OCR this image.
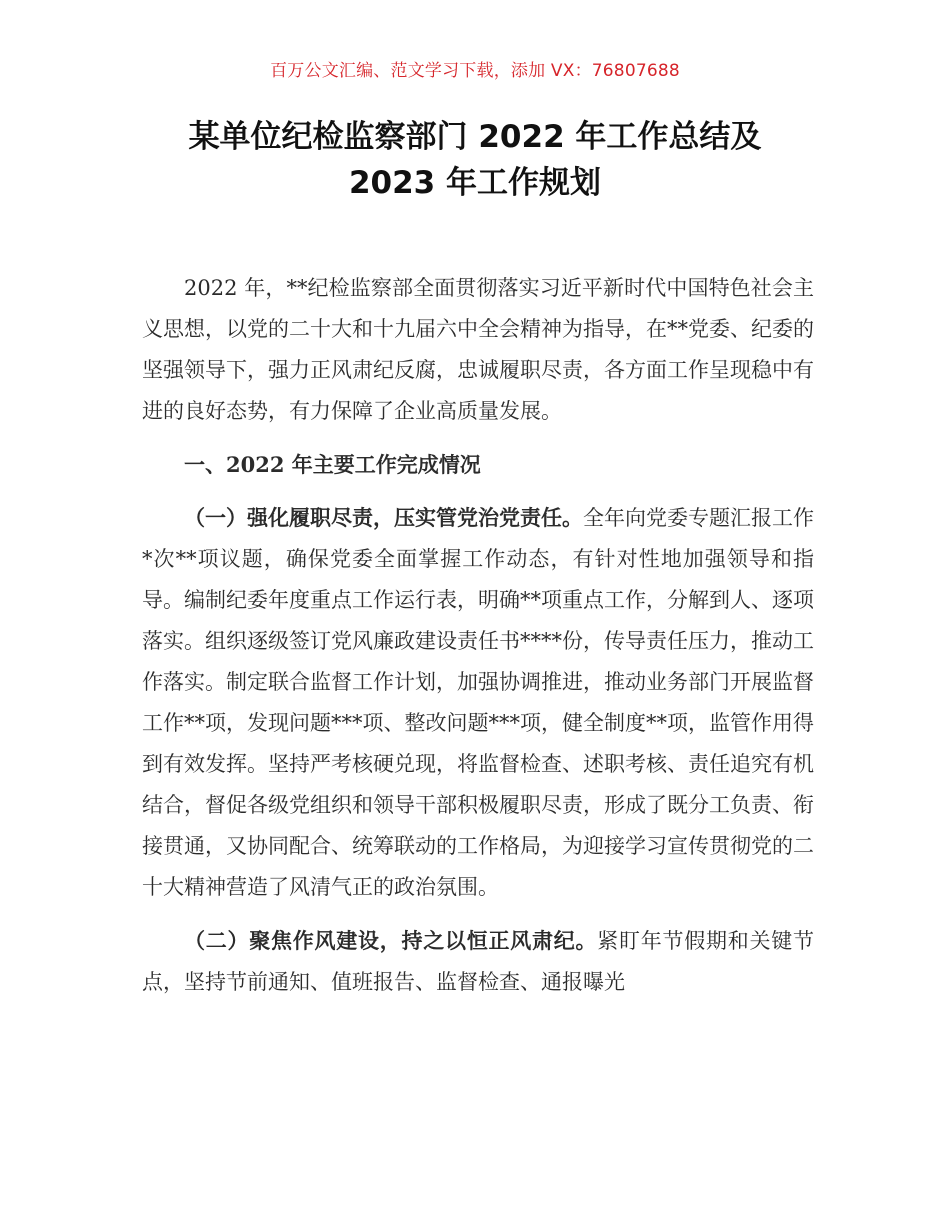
百万公文汇编、范文学习下载，添加 VX：76807688
某单位纪检监察部门 2022 年工作总结及
2023 年工作规划

2022 年，**纪检监察部全面贯彻落实习近平新时代中国特色社会主义思想，以党的二十大和十九届六中全会精神为指导，在**党委、纪委的坚强领导下，强力正风肃纪反腐，忠诚履职尽责，各方面工作呈现稳中有进的良好态势，有力保障了企业高质量发展。

一、2022 年主要工作完成情况

（一）强化履职尽责，压实管党治党责任。全年向党委专题汇报工作*次**项议题，确保党委全面掌握工作动态，有针对性地加强领导和指导。编制纪委年度重点工作运行表，明确**项重点工作，分解到人、逐项落实。组织逐级签订党风廉政建设责任书****份，传导责任压力，推动工作落实。制定联合监督工作计划，加强协调推进，推动业务部门开展监督工作**项，发现问题***项、整改问题***项，健全制度**项，监管作用得到有效发挥。坚持严考核硬兑现，将监督检查、述职考核、责任追究有机结合，督促各级党组织和领导干部积极履职尽责，形成了既分工负责、衔接贯通，又协同配合、统筹联动的工作格局，为迎接学习宣传贯彻党的二十大精神营造了风清气正的政治氛围。

（二）聚焦作风建设，持之以恒正风肃纪。紧盯年节假期和关键节点，坚持节前通知、值班报告、监督检查、通报曝光
